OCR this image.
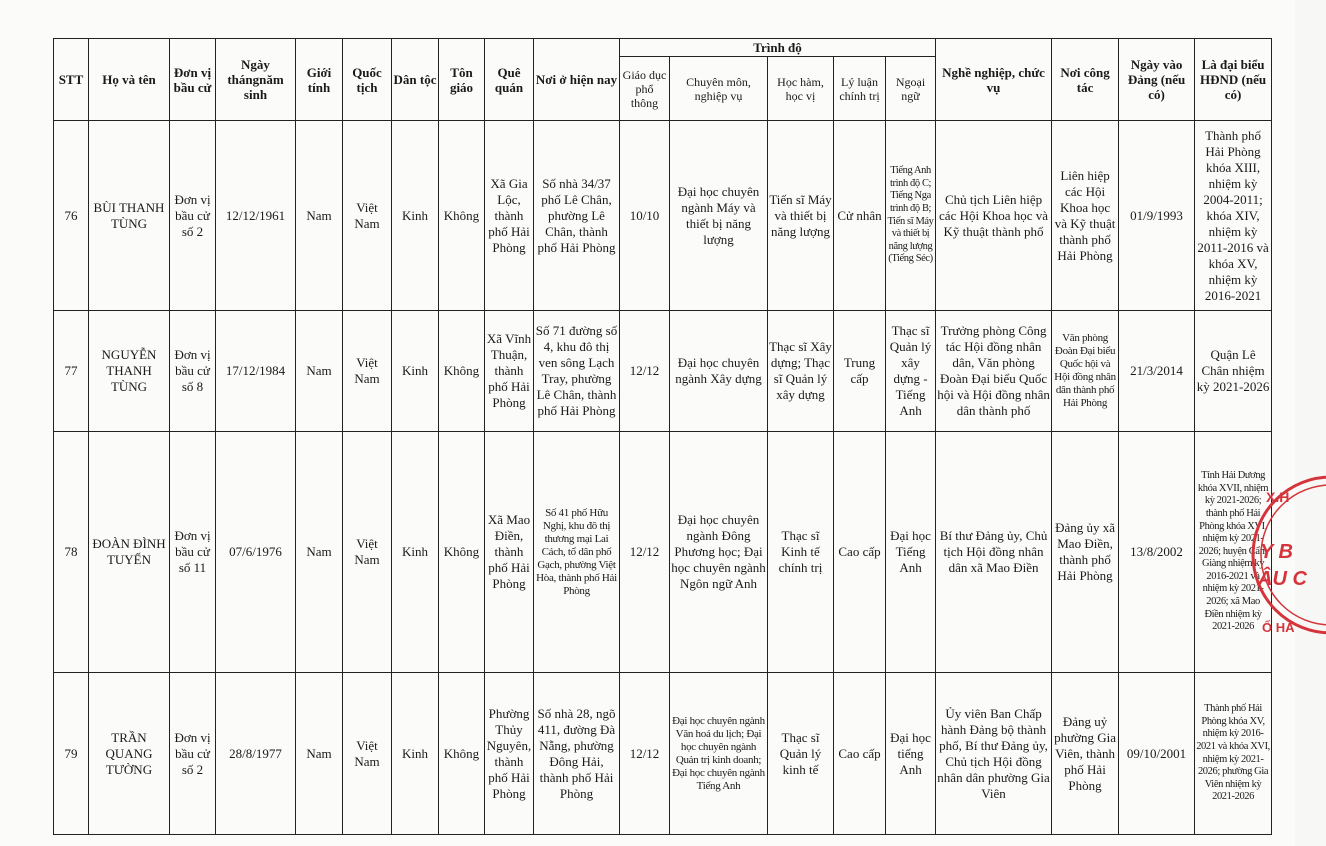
STT	Họ và tên	Đơn vị bầu cử	Ngày thángnăm sinh	Giới tính	Quốc tịch	Dân tộc	Tôn giáo	Quê quán	Nơi ở hiện nay	Trình độ					Nghề nghiệp, chức vụ	Nơi công tác	Ngày vào Đảng (nếu có)	Là đại biểu HĐND (nếu có)
										Giáo dục phổ thông	Chuyên môn, nghiệp vụ	Học hàm, học vị	Lý luận chính trị	Ngoại ngữ				
76	BÙI THANH TÙNG	Đơn vị bầu cử số 2	12/12/1961	Nam	Việt Nam	Kinh	Không	Xã Gia Lộc, thành phố Hải Phòng	Số nhà 34/37 phố Lê Chân, phường Lê Chân, thành phố Hải Phòng	10/10	Đại học chuyên ngành Máy và thiết bị năng lượng	Tiến sĩ Máy và thiết bị năng lượng	Cử nhân	Tiếng Anh trình độ C; Tiếng Nga trình độ B; Tiến sĩ Máy và thiết bị năng lượng (Tiếng Séc)	Chủ tịch Liên hiệp các Hội Khoa học và Kỹ thuật thành phố	Liên hiệp các Hội Khoa học và Kỹ thuật thành phố Hải Phòng	01/9/1993	Thành phố Hải Phòng khóa XIII, nhiệm kỳ 2004-2011; khóa XIV, nhiệm kỳ 2011-2016 và khóa XV, nhiệm kỳ 2016-2021
77	NGUYỄN THANH TÙNG	Đơn vị bầu cử số 8	17/12/1984	Nam	Việt Nam	Kinh	Không	Xã Vĩnh Thuận, thành phố Hải Phòng	Số 71 đường số 4, khu đô thị ven sông Lạch Tray, phường Lê Chân, thành phố Hải Phòng	12/12	Đại học chuyên ngành Xây dựng	Thạc sĩ Xây dựng; Thạc sĩ Quản lý xây dựng	Trung cấp	Thạc sĩ Quản lý xây dựng - Tiếng Anh	Trưởng phòng Công tác Hội đồng nhân dân, Văn phòng Đoàn Đại biểu Quốc hội và Hội đồng nhân dân thành phố	Văn phòng Đoàn Đại biểu Quốc hội và Hội đồng nhân dân thành phố Hải Phòng	21/3/2014	Quận Lê Chân nhiệm kỳ 2021-2026
78	ĐOÀN ĐÌNH TUYẾN	Đơn vị bầu cử số 11	07/6/1976	Nam	Việt Nam	Kinh	Không	Xã Mao Điền, thành phố Hải Phòng	Số 41 phố Hữu Nghị, khu đô thị thương mại Lai Cách, tổ dân phố Gạch, phường Việt Hòa, thành phố Hải Phòng	12/12	Đại học chuyên ngành Đông Phương học; Đại học chuyên ngành Ngôn ngữ Anh	Thạc sĩ Kinh tế chính trị	Cao cấp	Đại học Tiếng Anh	Bí thư Đảng ủy, Chủ tịch Hội đồng nhân dân xã Mao Điền	Đảng ủy xã Mao Điền, thành phố Hải Phòng	13/8/2002	Tỉnh Hải Dương khóa XVII, nhiệm kỳ 2021-2026; thành phố Hải Phòng khóa XVI, nhiệm kỳ 2021-2026; huyện Cẩm Giàng nhiệm kỳ 2016-2021 và nhiệm kỳ 2021-2026; xã Mao Điền nhiệm kỳ 2021-2026
79	TRẦN QUANG TƯỜNG	Đơn vị bầu cử số 2	28/8/1977	Nam	Việt Nam	Kinh	Không	Phường Thủy Nguyên, thành phố Hải Phòng	Số nhà 28, ngõ 411, đường Đà Nẵng, phường Đông Hải, thành phố Hải Phòng	12/12	Đại học chuyên ngành Văn hoá du lịch; Đại học chuyên ngành Quản trị kinh doanh; Đại học chuyên ngành Tiếng Anh	Thạc sĩ Quản lý kinh tế	Cao cấp	Đại học tiếng Anh	Ủy viên Ban Chấp hành Đảng bộ thành phố, Bí thư Đảng ủy, Chủ tịch Hội đồng nhân dân phường Gia Viên	Đảng uỷ phường Gia Viên, thành phố Hải Phòng	09/10/2001	Thành phố Hải Phòng khóa XV, nhiệm kỳ 2016-2021 và khóa XVI, nhiệm kỳ 2021-2026; phường Gia Viên nhiệm kỳ 2021-2026
X.H
Y B
ÂU C
Ố HẢ
